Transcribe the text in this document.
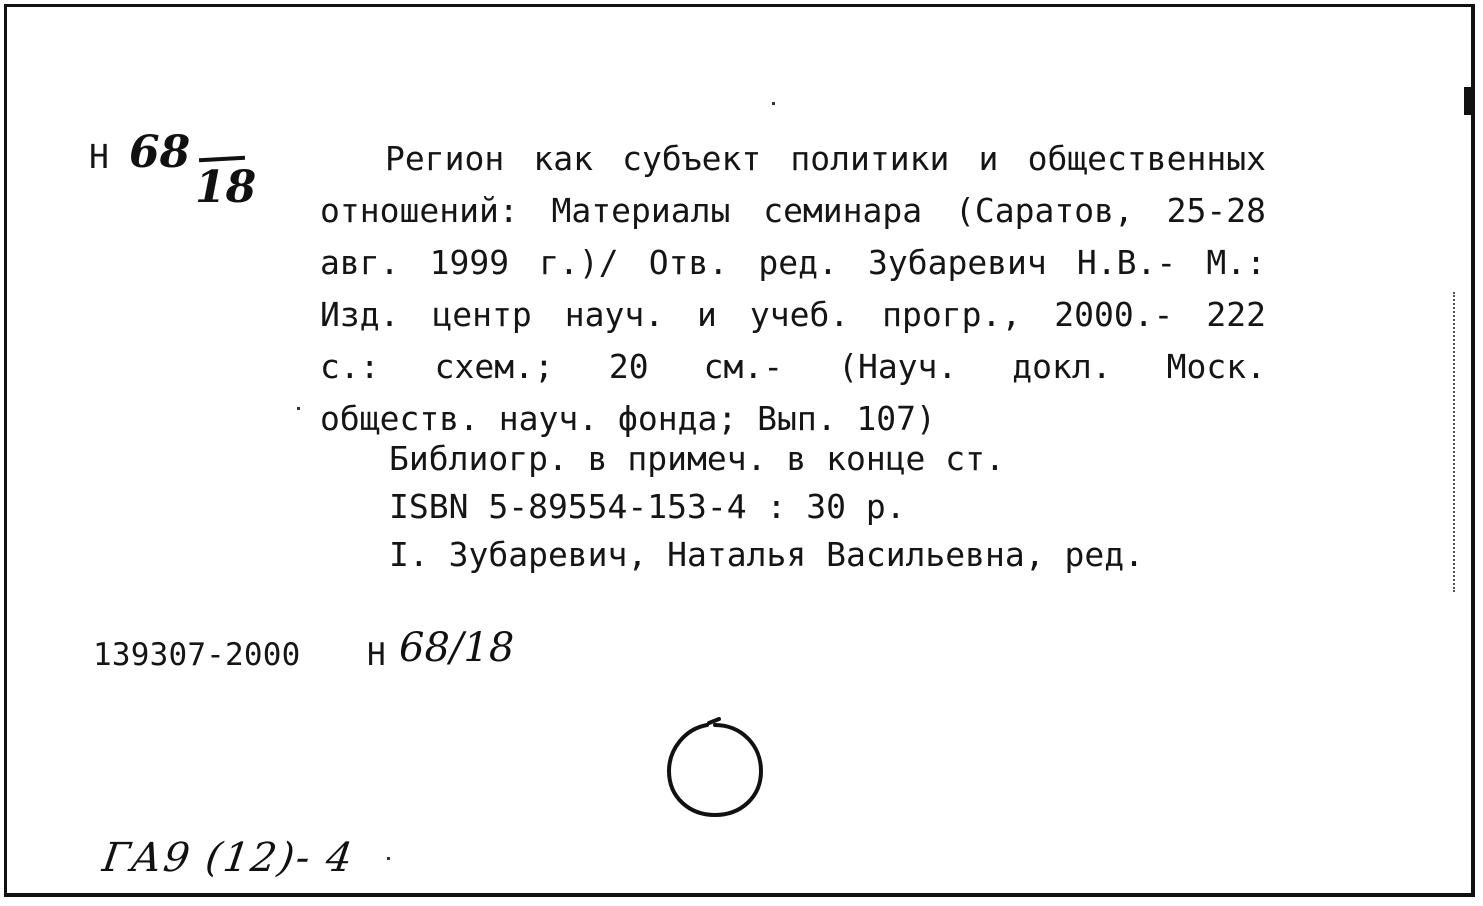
Н 68
18
Регион как субъект политики и общественных
отношений: Материалы семинара (Саратов, 25-28
авг. 1999 г.)/ Отв. ред. Зубаревич Н.В.- М.:
Изд. центр науч. и учеб. прогр., 2000.- 222
с.: схем.; 20 см.- (Науч. докл. Моск.
обществ. науч. фонда; Вып. 107)
Библиогр. в примеч. в конце ст.
ISBN 5-89554-153-4 : 30 р.
I. Зубаревич, Наталья Васильевна, ред.
139307-2000 Н 68/18
ГА9 (12)- 4
